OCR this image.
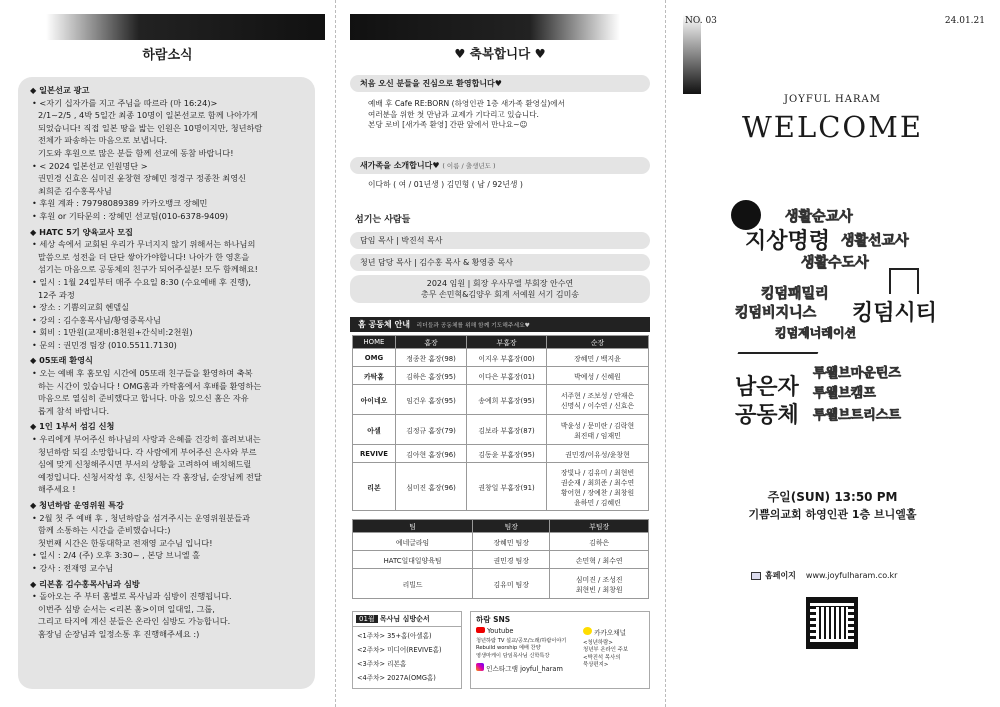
하람소식
◆ 일본선교 광고
• <자기 십자가를 지고 주님을 따르라 (마 16:24)>
2/1~2/5 , 4박 5일간 최종 10명이 일본선교로 함께 나아가게
되었습니다! 직접 일본 땅을 밟는 인원은 10명이지만, 청년하람
전체가 파송하는 마음으로 보냅니다.
기도와 후원으로 많은 분들 함께 선교에 동참 바랍니다!
• < 2024 일본선교 인원명단 >
권민경 신효은 심미진 윤창현 장혜민 정경구 정종찬 최영신
최희준 김수홍목사님
• 후원 계좌 : 79798089389 카카오뱅크 장혜민
• 후원 or 기타문의 : 장혜민 선교팀(010-6378-9409)
◆ HATC 5기 양육교사 모집
• 세상 속에서 교회된 우리가 무너지지 않기 위해서는 하나님의
말씀으로 성전을 더 단단 쌓아가야합니다! 나아가 한 영혼을
섬기는 마음으로 공동체의 친구가 되어주실분! 모두 함께해요!
• 일시 : 1월 24일부터 매주 수요일 8:30 (수요예배 후 진행),
12주 과정
• 장소 : 기쁨의교회 헨델실
• 강의 : 김수홍목사님/황영중목사님
• 회비 : 1만원(교재비:8천원+간식비:2천원)
• 문의 : 권민경 팀장 (010.5511.7130)
◆ 05또래 환영식
• 오는 예배 후 홈모임 시간에 05또래 친구들을 환영하며 축복
하는 시간이 있습니다 ! OMG홈과 카탁홈에서 후배를 환영하는
마음으로 열심히 준비했다고 합니다. 마음 있으신 홈은 자유
롭게 참석 바랍니다.
◆ 1인 1부서 섬김 신청
• 우리에게 부어주신 하나님의 사랑과 은혜를 건강히 흘려보내는
청년하람 되길 소망합니다. 각 사람에게 부어주신 은사와 부르
심에 맞게 신청해주시면 부서의 상황을 고려하여 배치해드릴
예정입니다. 신청서작성 후, 신청서는 각 홈장님, 순장님께 전달
해주세요 !
◆ 청년하람 운영위원 특강
• 2월 첫 주 예배 후 , 청년하람을 섬겨주시는 운영위원분들과
함께 소통하는 시간을 준비했습니다:)
첫번째 시간은 한동대학교 전재영 교수님 입니다!
• 일시 : 2/4 (주) 오후 3:30~ , 본당 브니엘 홀
• 강사 : 전재영 교수님
◆ 리본홈 김수홍목사님과 심방
• 돌아오는 주 부터 홈별로 목사님과 심방이 진행됩니다.
이번주 심방 순서는 <리본 홈>이며 일대일, 그룹,
그리고 타지에 계신 분들은 온라인 심방도 가능합니다.
홈장님 순장님과 일정소통 후 진행해주세요 :)
♥ 축복합니다 ♥
처음 오신 분들을 진심으로 환영합니다♥
예배 후 Cafe RE:BORN (하영인관 1층 새가족 환영실)에서
여러분을 위한 첫 만남과 교제가 기다리고 있습니다.
본당 로비 [새가족 환영] 간판 앞에서 만나요~☺
새가족을 소개합니다♥ ( 이름 / 출생년도 )
이다하 ( 여 / 01년생 ) 김민형 ( 남 / 92년생 )
섬기는 사람들
담임 목사 | 박진석 목사
청년 담당 목사 | 김수홍 목사 & 황영중 목사
2024 임원 | 회장 우사무엘 부회장 안수연
총무 손민혁&김양우 회계 서예원 서기 김미송
홈 공동체 안내 리더들과 공동체를 위해 함께 기도해주세요♥
HOME	홈장	부홈장	순장
OMG	정종찬 홈장(98)	이지우 부홈장(00)	장혜민 / 백지윤
카탁홈	김하은 홈장(95)	이다은 부홈장(01)	박예성 / 신혜원
아이네오	임건우 홈장(95)	송예희 부홈장(95)	서주현 / 조보성 / 안재은
신명식 / 이수연 / 신효은
아셀	김정규 홈장(79)	김보라 부홈장(87)	박윤성 / 문미란 / 김락현
최진태 / 임재민
REVIVE	김아현 홈장(96)	김동윤 부홈장(95)	권민경/이유성/윤창현
리본	심미진 홈장(96)	권창일 부홈장(91)	장빛나 / 김유미 / 최현빈
권순재 / 최희준 / 최수연
황어현 / 장예찬 / 최창원
윤하민 / 김혜린
팀	팀장	부팀장
예네글라임	장혜민 팀장	김하은
HATC일대일양육팀	권민경 팀장	손민혁 / 최수연
리빌드	김유미 팀장	심미진 / 조성진
최현빈 / 최창원
01월 목사님 심방순서
<1주차> 35+홈(아셀홈)
<2주차> 미디어(REVIVE홈)
<3주차> 리본홈
<4주차> 2027A(OMG홈)
하람 SNS
Youtube
청년하람 TV 설교/공모/노래/하람이야기
Rebuild worship 예배 찬양
영생마케이 담임목사님 신학특강
인스타그램 joyful_haram
카카오채널
<청년하람>
청년부 온라인 주보
<박진석 목사의
묵상편지>
NO. 03	24.01.21
JOYFUL HARAM
WELCOME
생활순교사
지상명령 생활선교사
생활수도사
킹덤패밀리
킹덤비지니스 킹덤시티
킹덤제너레이션
남은자
공동체
투웰브마운틴즈
투웰브캠프
투웰브트리스트
주일(SUN) 13:50 PM
기쁨의교회 하영인관 1층 브니엘홀
홈페이지 www.joyfulharam.co.kr
